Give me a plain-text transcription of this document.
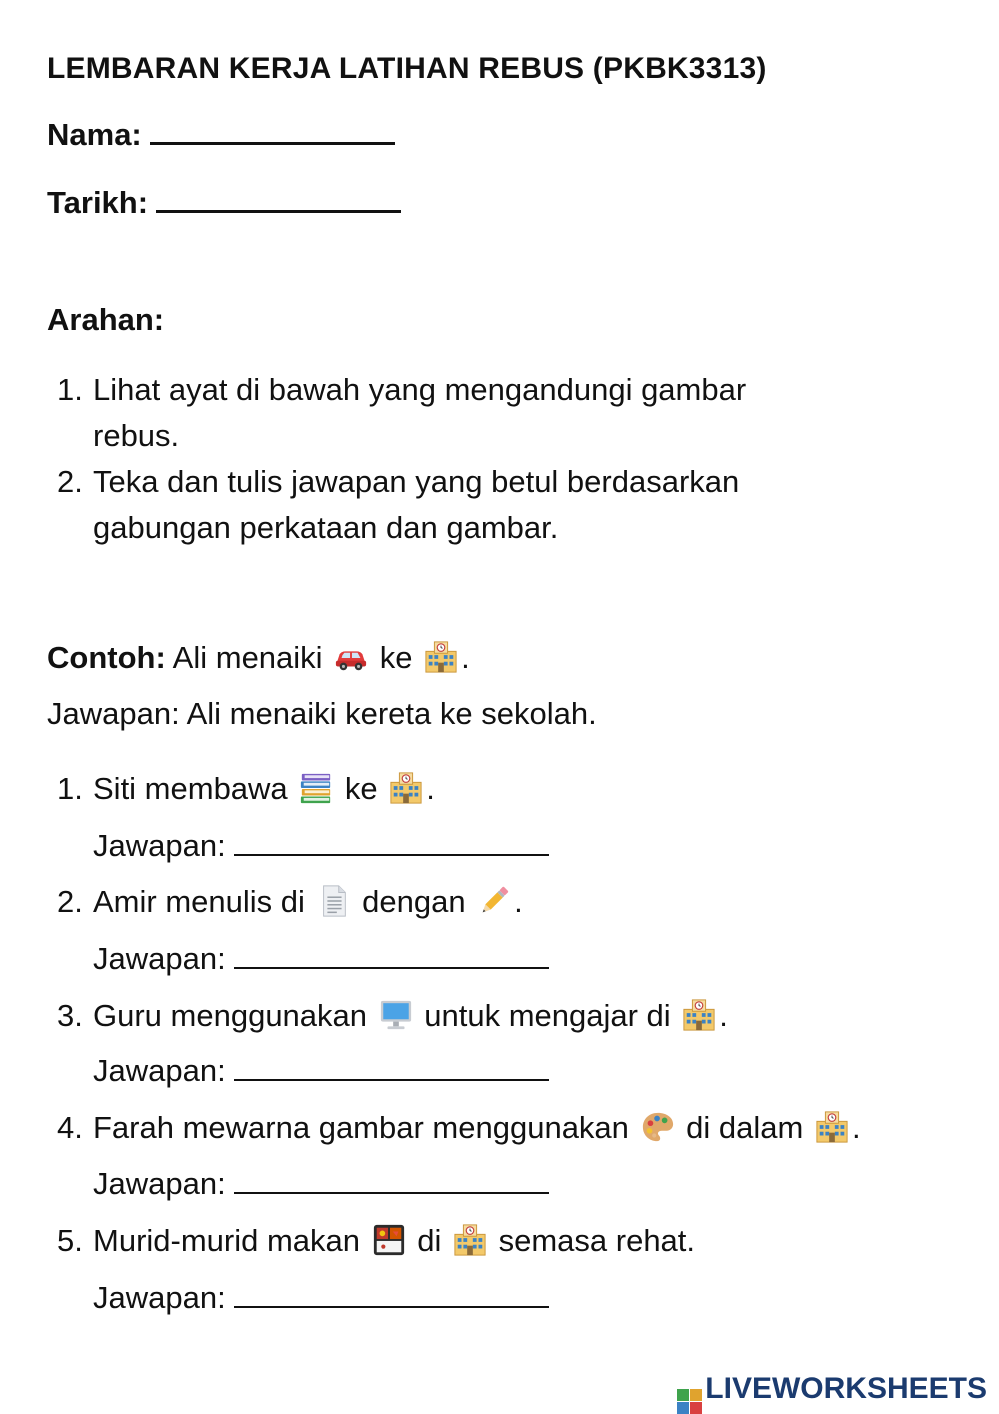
LEMBARAN KERJA LATIHAN REBUS (PKBK3313)
Nama:
Tarikh:
Arahan:
1. Lihat ayat di bawah yang mengandungi gambar
rebus.
2. Teka dan tulis jawapan yang betul berdasarkan
gabungan perkataan dan gambar.
Contoh: Ali menaiki  ke .
Jawapan: Ali menaiki kereta ke sekolah.
1. Siti membawa  ke .
Jawapan:
2. Amir menulis di  dengan .
Jawapan:
3. Guru menggunakan  untuk mengajar di .
Jawapan:
4. Farah mewarna gambar menggunakan  di dalam .
Jawapan:
5. Murid-murid makan  di  semasa rehat.
Jawapan:
LIVEWORKSHEETS
